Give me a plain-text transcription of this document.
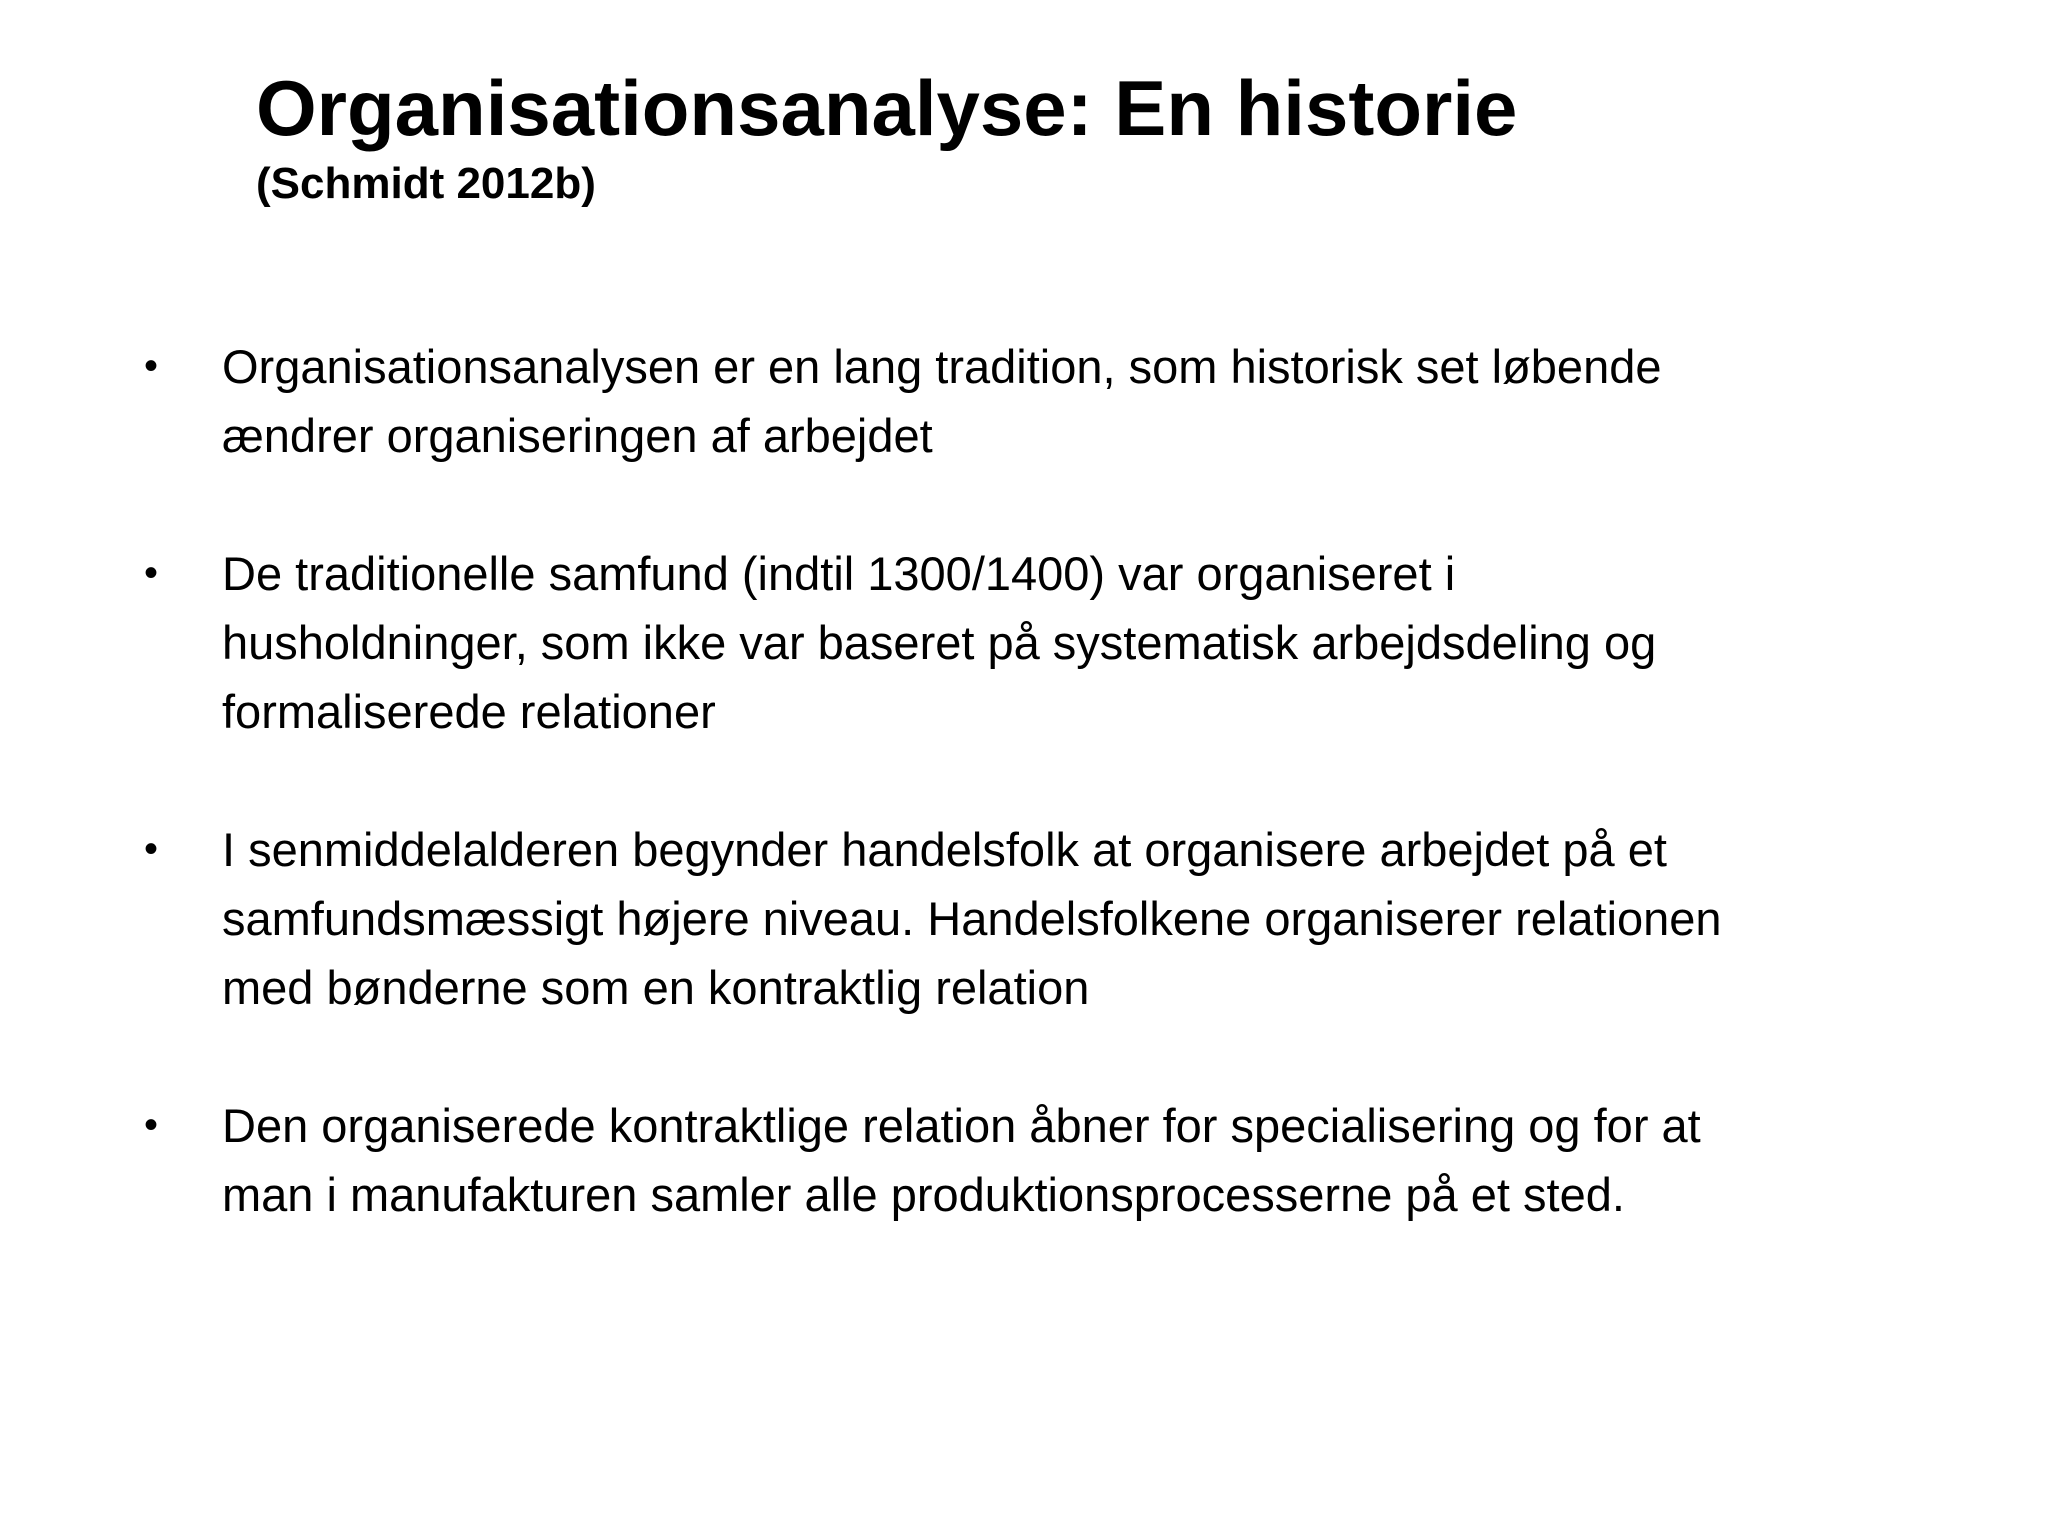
Organisationsanalyse: En historie
(Schmidt 2012b)
• Organisationsanalysen er en lang tradition, som historisk set løbende
ændrer organiseringen af arbejdet
• De traditionelle samfund (indtil 1300/1400) var organiseret i
husholdninger, som ikke var baseret på systematisk arbejdsdeling og
formaliserede relationer
• I senmiddelalderen begynder handelsfolk at organisere arbejdet på et
samfundsmæssigt højere niveau. Handelsfolkene organiserer relationen
med bønderne som en kontraktlig relation
• Den organiserede kontraktlige relation åbner for specialisering og for at
man i manufakturen samler alle produktionsprocesserne på et sted.
